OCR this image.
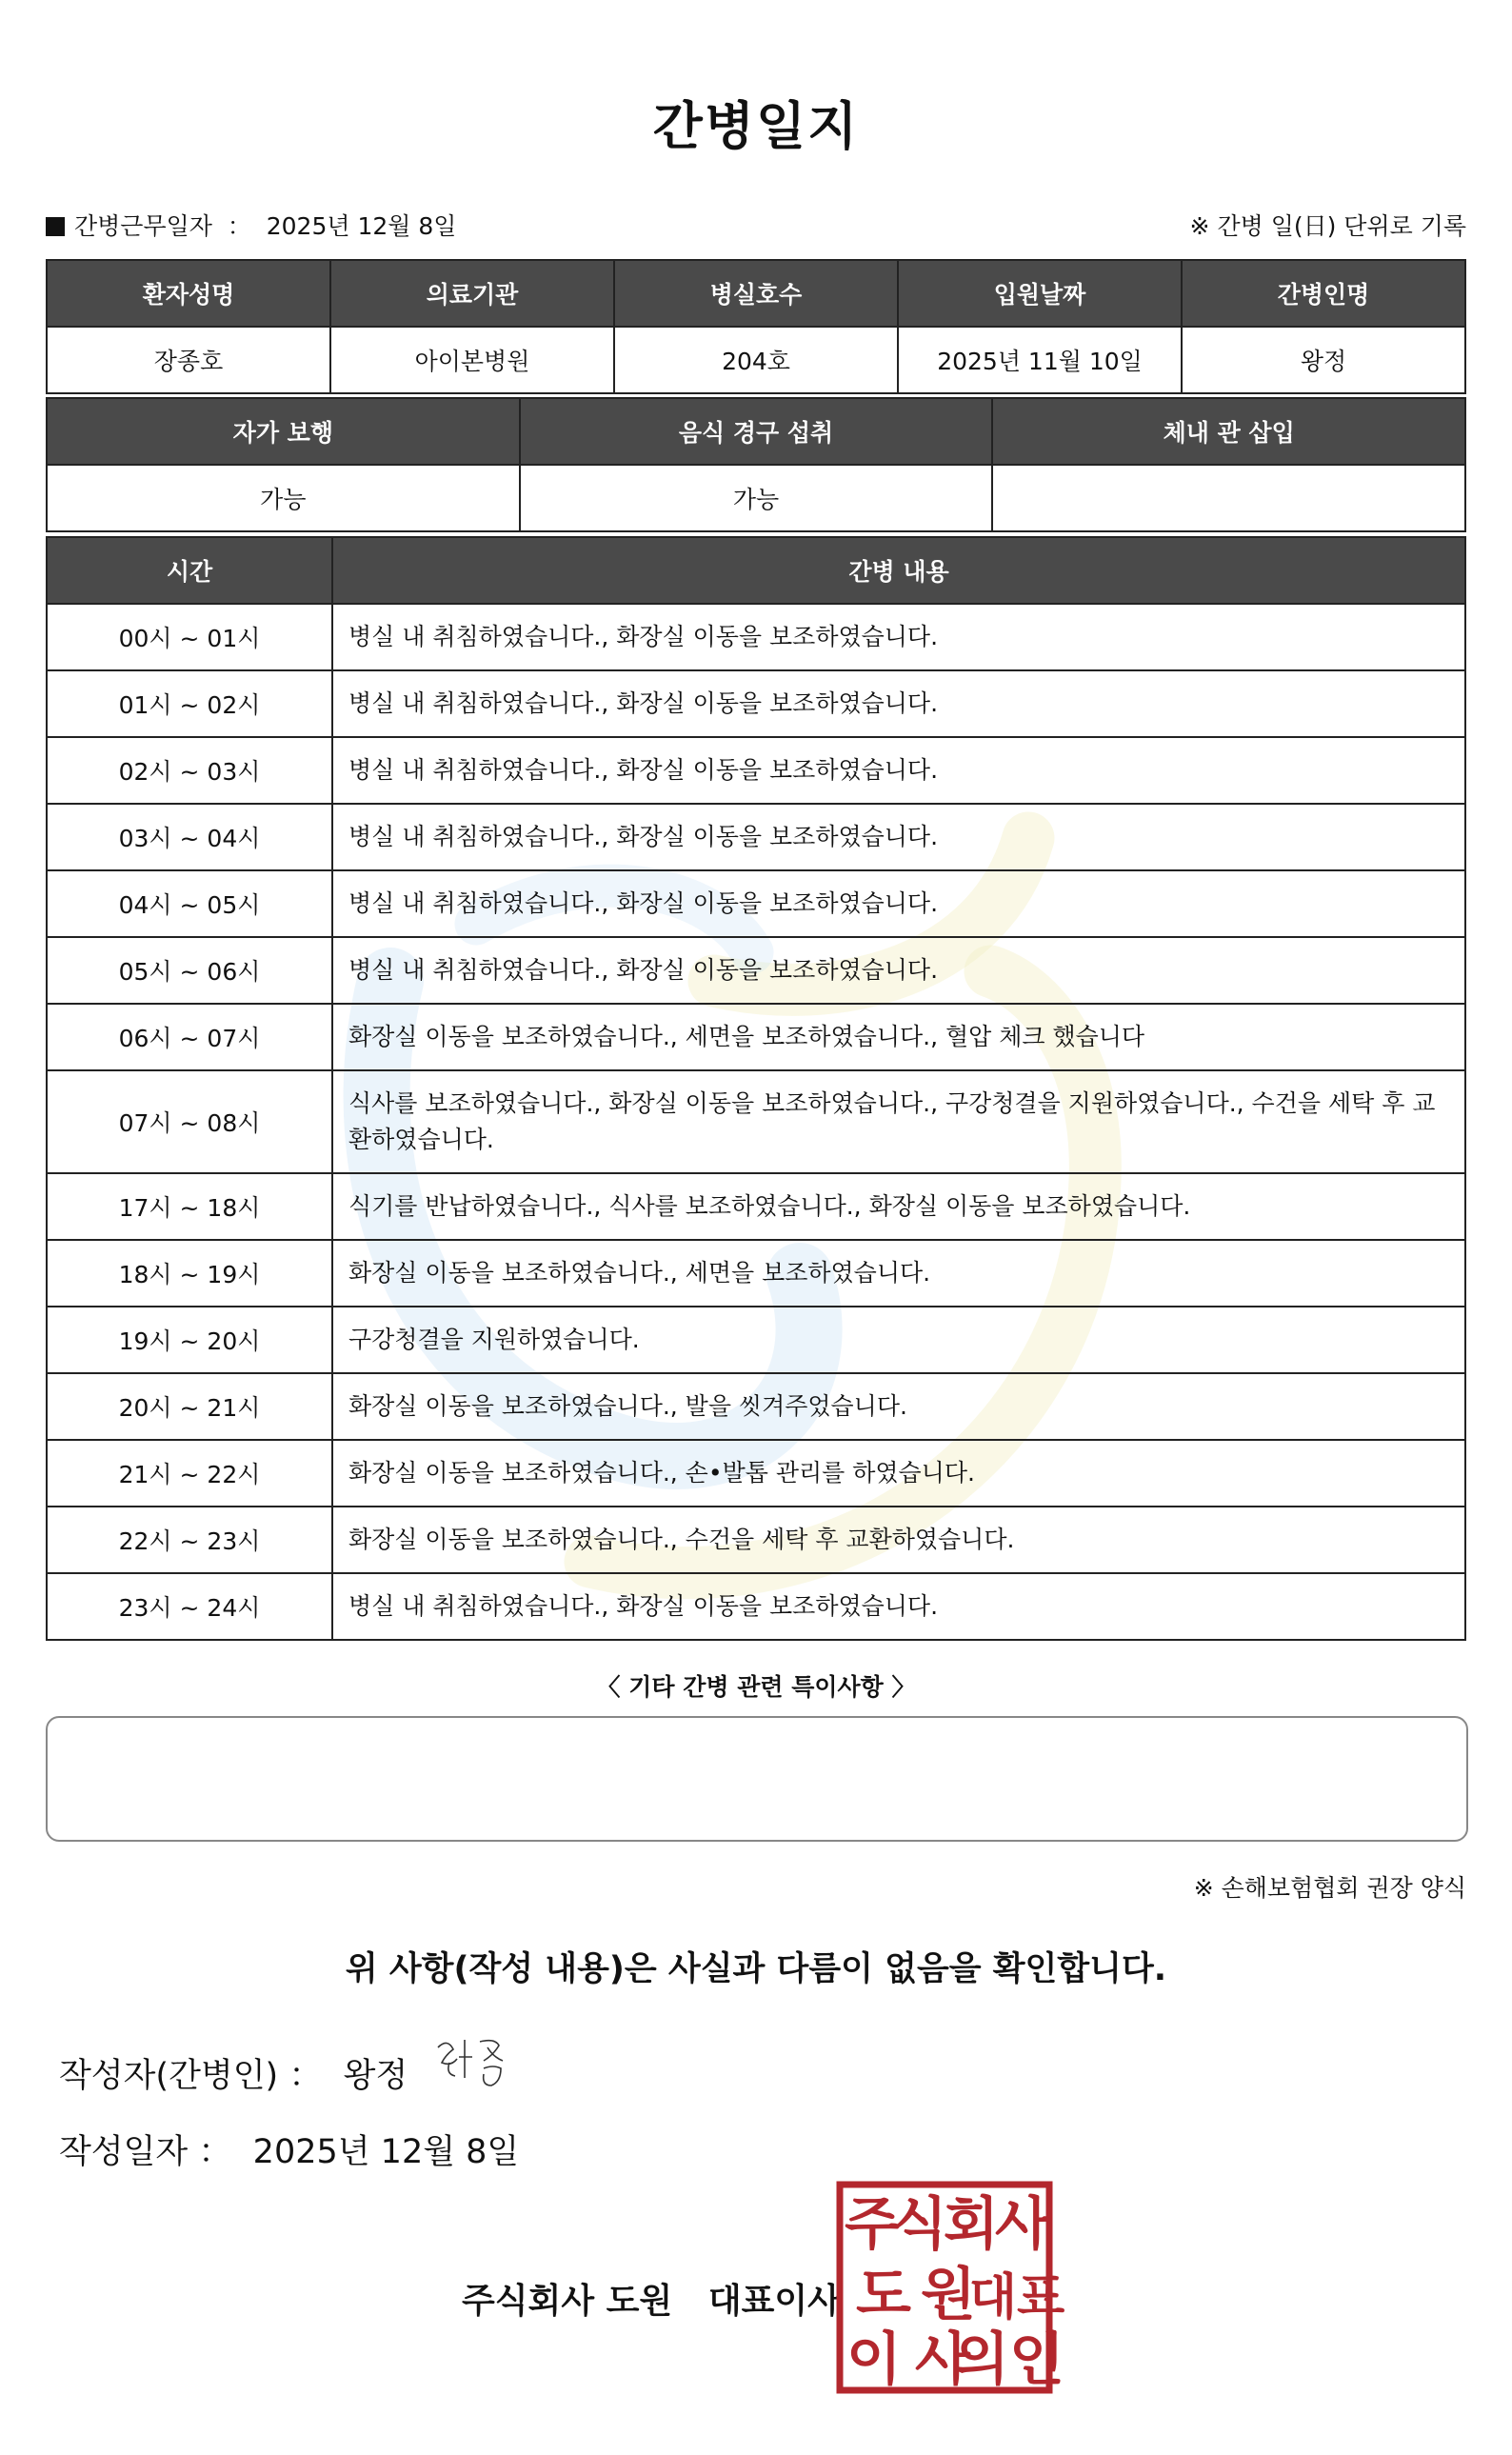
간병일지
간병근무일자 ： 2025년 12월 8일	※ 간병 일(日) 단위로 기록
환자성명	의료기관	병실호수	입원날짜	간병인명
장종호	아이본병원	204호	2025년 11월 10일	왕정
자가 보행	음식 경구 섭취	체내 관 삽입
가능	가능	
시간	간병 내용
00시 ~ 01시	병실 내 취침하였습니다., 화장실 이동을 보조하였습니다.
01시 ~ 02시	병실 내 취침하였습니다., 화장실 이동을 보조하였습니다.
02시 ~ 03시	병실 내 취침하였습니다., 화장실 이동을 보조하였습니다.
03시 ~ 04시	병실 내 취침하였습니다., 화장실 이동을 보조하였습니다.
04시 ~ 05시	병실 내 취침하였습니다., 화장실 이동을 보조하였습니다.
05시 ~ 06시	병실 내 취침하였습니다., 화장실 이동을 보조하였습니다.
06시 ~ 07시	화장실 이동을 보조하였습니다., 세면을 보조하였습니다., 혈압 체크 했습니다
07시 ~ 08시	식사를 보조하였습니다., 화장실 이동을 보조하였습니다., 구강청결을 지원하였습니다., 수건을 세탁 후 교환하였습니다.
17시 ~ 18시	식기를 반납하였습니다., 식사를 보조하였습니다., 화장실 이동을 보조하였습니다.
18시 ~ 19시	화장실 이동을 보조하였습니다., 세면을 보조하였습니다.
19시 ~ 20시	구강청결을 지원하였습니다.
20시 ~ 21시	화장실 이동을 보조하였습니다., 발을 씻겨주었습니다.
21시 ~ 22시	화장실 이동을 보조하였습니다., 손•발톱 관리를 하였습니다.
22시 ~ 23시	화장실 이동을 보조하였습니다., 수건을 세탁 후 교환하였습니다.
23시 ~ 24시	병실 내 취침하였습니다., 화장실 이동을 보조하였습니다.
〈 기타 간병 관련 특이사항 〉
※ 손해보험협회 권장 양식
위 사항(작성 내용)은 사실과 다름이 없음을 확인합니다.
작성자(간병인) ： 왕정
작성일자 ： 2025년 12월 8일
주식회사 도원 대표이사
주
식
회
사
도 원
대표
이 사
의인
